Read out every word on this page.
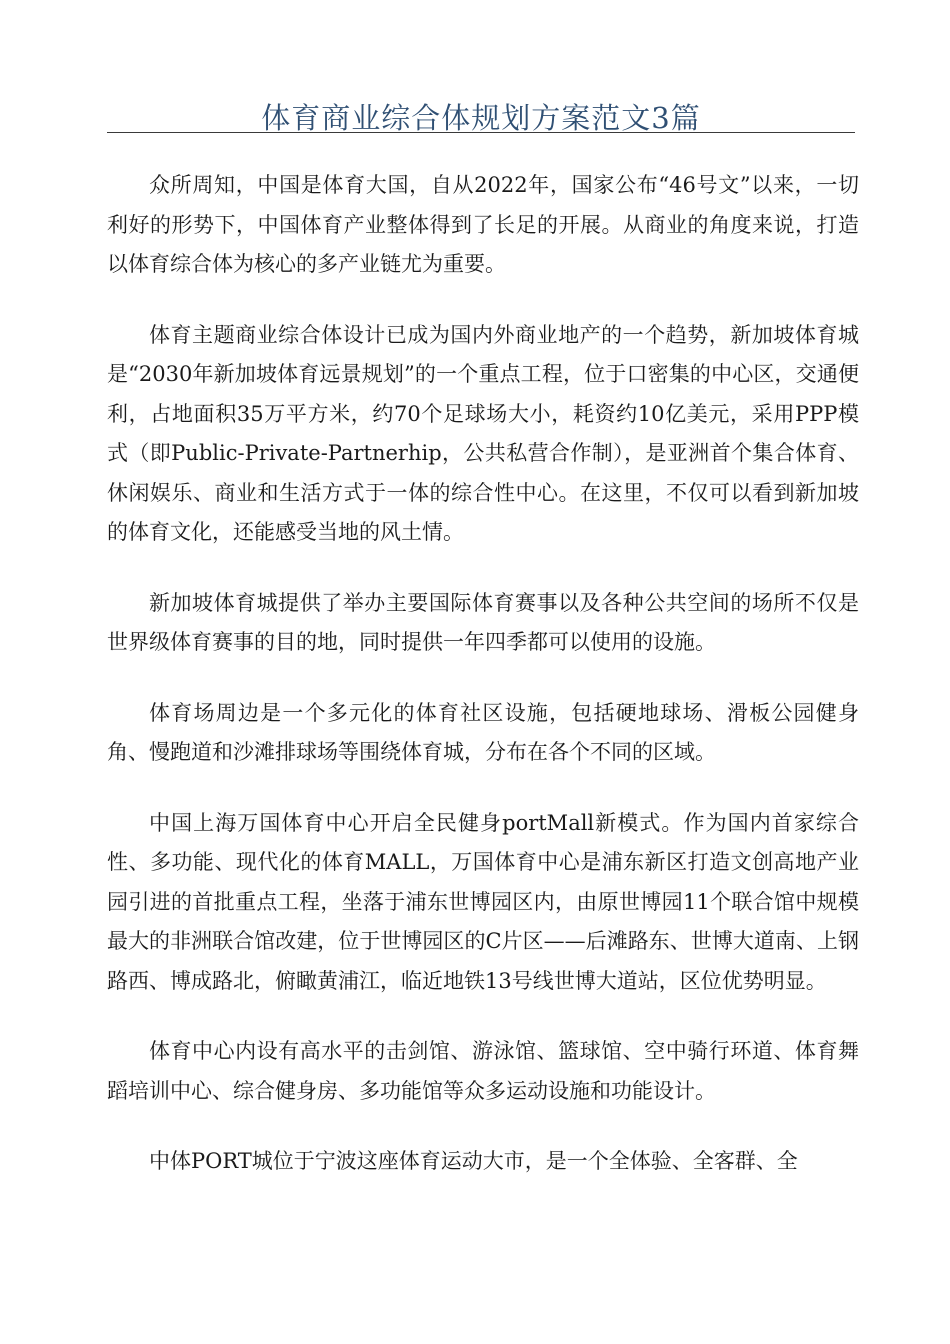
体育商业综合体规划方案范文3篇

众所周知，中国是体育大国，自从2022年，国家公布“46号文”以来，一切利好的形势下，中国体育产业整体得到了长足的开展。从商业的角度来说，打造以体育综合体为核心的多产业链尤为重要。

体育主题商业综合体设计已成为国内外商业地产的一个趋势，新加坡体育城是“2030年新加坡体育远景规划”的一个重点工程，位于口密集的中心区，交通便利，占地面积35万平方米，约70个足球场大小，耗资约10亿美元，采用PPP模式（即Public-Private-Partnerhip，公共私营合作制），是亚洲首个集合体育、休闲娱乐、商业和生活方式于一体的综合性中心。在这里，不仅可以看到新加坡的体育文化，还能感受当地的风土情。

新加坡体育城提供了举办主要国际体育赛事以及各种公共空间的场所不仅是世界级体育赛事的目的地，同时提供一年四季都可以使用的设施。

体育场周边是一个多元化的体育社区设施，包括硬地球场、滑板公园健身角、慢跑道和沙滩排球场等围绕体育城，分布在各个不同的区域。

中国上海万国体育中心开启全民健身portMall新模式。作为国内首家综合性、多功能、现代化的体育MALL，万国体育中心是浦东新区打造文创高地产业园引进的首批重点工程，坐落于浦东世博园区内，由原世博园11个联合馆中规模最大的非洲联合馆改建，位于世博园区的C片区——后滩路东、世博大道南、上钢路西、博成路北，俯瞰黄浦江，临近地铁13号线世博大道站，区位优势明显。

体育中心内设有高水平的击剑馆、游泳馆、篮球馆、空中骑行环道、体育舞蹈培训中心、综合健身房、多功能馆等众多运动设施和功能设计。

中体PORT城位于宁波这座体育运动大市，是一个全体验、全客群、全
